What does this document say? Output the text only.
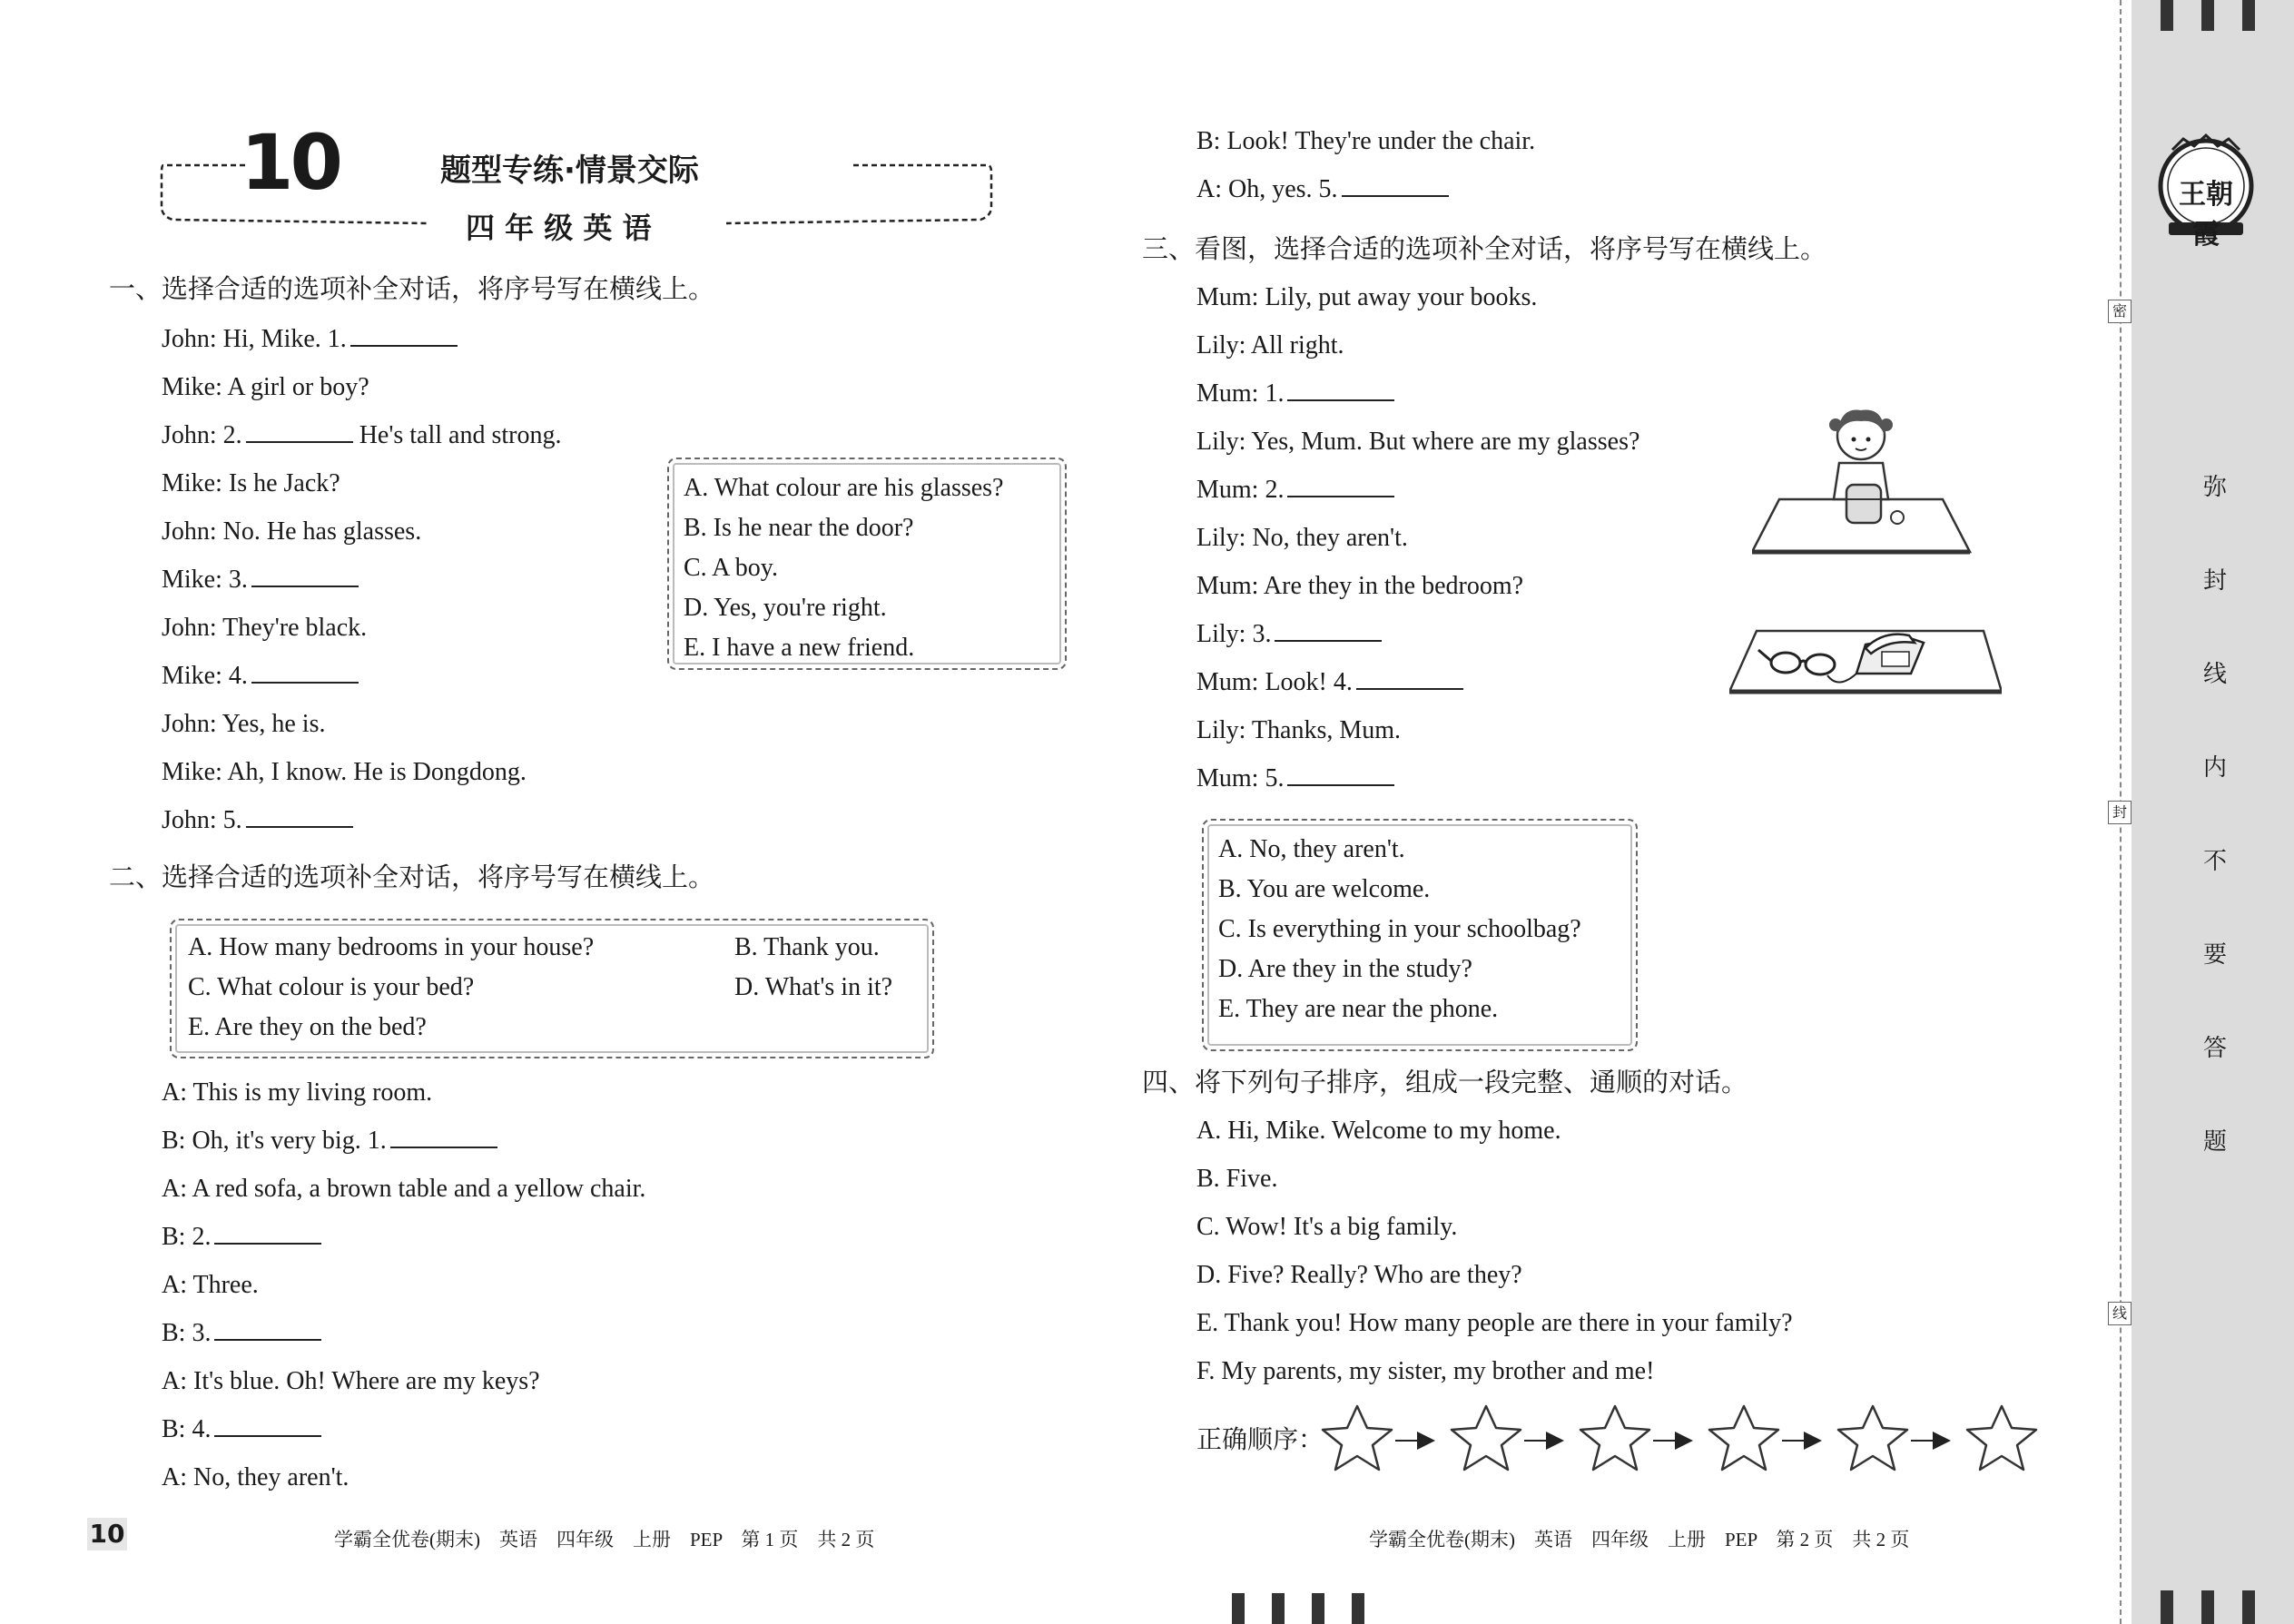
10	题型专练·情景交际
四 年 级 英 语
一、选择合适的选项补全对话，将序号写在横线上。
John: Hi, Mike. 1.
Mike: A girl or boy?
John: 2.	He's tall and strong.
Mike: Is he Jack?
John: No. He has glasses.
Mike: 3.
John: They're black.
Mike: 4.
John: Yes, he is.
Mike: Ah, I know. He is Dongdong.
John: 5.
A. What colour are his glasses?
B. Is he near the door?
C. A boy.
D. Yes, you're right.
E. I have a new friend.
二、选择合适的选项补全对话，将序号写在横线上。
A. How many bedrooms in your house?	B. Thank you.
C. What colour is your bed?	D. What's in it?
E. Are they on the bed?
A: This is my living room.
B: Oh, it's very big. 1.
A: A red sofa, a brown table and a yellow chair.
B: 2.
A: Three.
B: 3.
A: It's blue. Oh! Where are my keys?
B: 4.
A: No, they aren't.
B: Look! They're under the chair.
A: Oh, yes. 5.
10	学霸全优卷(期末)　英语　四年级　上册　PEP　第 1 页　共 2 页
三、看图，选择合适的选项补全对话，将序号写在横线上。
Mum: Lily, put away your books.
Lily: All right.
Mum: 1.
Lily: Yes, Mum. But where are my glasses?
Mum: 2.
Lily: No, they aren't.
Mum: Are they in the bedroom?
Lily: 3.
Mum: Look! 4.
Lily: Thanks, Mum.
Mum: 5.
A. No, they aren't.
B. You are welcome.
C. Is everything in your schoolbag?
D. Are they in the study?
E. They are near the phone.
四、将下列句子排序，组成一段完整、通顺的对话。
A. Hi, Mike. Welcome to my home.
B. Five.
C. Wow! It's a big family.
D. Five? Really? Who are they?
E. Thank you! How many people are there in your family?
F. My parents, my sister, my brother and me!
正确顺序：
学霸全优卷(期末)　英语　四年级　上册　PEP　第 2 页　共 2 页
王朝霞
密
封
线
弥
封
线
内
不
要
答
题
